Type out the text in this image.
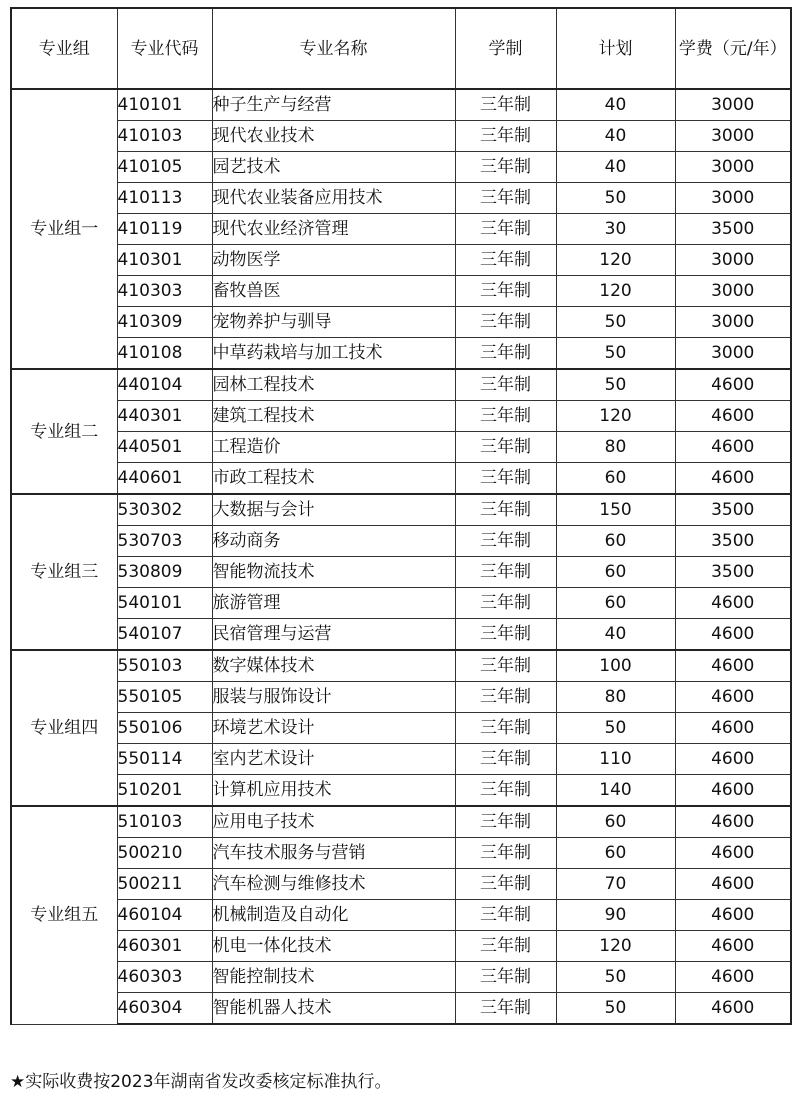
专业组	专业代码	专业名称	学制	计划	学费（元/年）
专业组一	410101	种子生产与经营	三年制	40	3000
	410103	现代农业技术	三年制	40	3000
	410105	园艺技术	三年制	40	3000
	410113	现代农业装备应用技术	三年制	50	3000
	410119	现代农业经济管理	三年制	30	3500
	410301	动物医学	三年制	120	3000
	410303	畜牧兽医	三年制	120	3000
	410309	宠物养护与驯导	三年制	50	3000
	410108	中草药栽培与加工技术	三年制	50	3000
专业组二	440104	园林工程技术	三年制	50	4600
	440301	建筑工程技术	三年制	120	4600
	440501	工程造价	三年制	80	4600
	440601	市政工程技术	三年制	60	4600
专业组三	530302	大数据与会计	三年制	150	3500
	530703	移动商务	三年制	60	3500
	530809	智能物流技术	三年制	60	3500
	540101	旅游管理	三年制	60	4600
	540107	民宿管理与运营	三年制	40	4600
专业组四	550103	数字媒体技术	三年制	100	4600
	550105	服装与服饰设计	三年制	80	4600
	550106	环境艺术设计	三年制	50	4600
	550114	室内艺术设计	三年制	110	4600
	510201	计算机应用技术	三年制	140	4600
专业组五	510103	应用电子技术	三年制	60	4600
	500210	汽车技术服务与营销	三年制	60	4600
	500211	汽车检测与维修技术	三年制	70	4600
	460104	机械制造及自动化	三年制	90	4600
	460301	机电一体化技术	三年制	120	4600
	460303	智能控制技术	三年制	50	4600
	460304	智能机器人技术	三年制	50	4600
★实际收费按2023年湖南省发改委核定标准执行。
